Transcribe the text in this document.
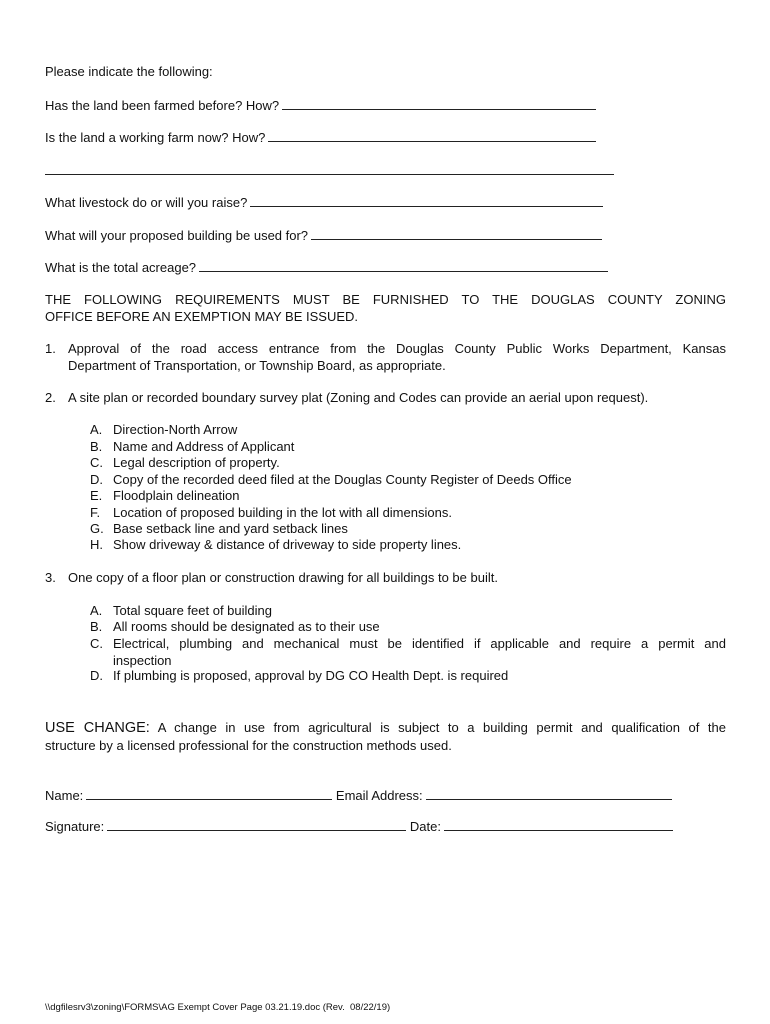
Please indicate the following:
Has the land been farmed before? How?
Is the land a working farm now? How?
What livestock do or will you raise?
What will your proposed building be used for?
What is the total acreage?
THE FOLLOWING REQUIREMENTS MUST BE FURNISHED TO THE DOUGLAS COUNTY ZONING
OFFICE BEFORE AN EXEMPTION MAY BE ISSUED.
1. Approval of the road access entrance from the Douglas County Public Works Department, Kansas
Department of Transportation, or Township Board, as appropriate.
2. A site plan or recorded boundary survey plat (Zoning and Codes can provide an aerial upon request).
A. Direction-North Arrow
B. Name and Address of Applicant
C. Legal description of property.
D. Copy of the recorded deed filed at the Douglas County Register of Deeds Office
E. Floodplain delineation
F. Location of proposed building in the lot with all dimensions.
G. Base setback line and yard setback lines
H. Show driveway & distance of driveway to side property lines.
3. One copy of a floor plan or construction drawing for all buildings to be built.
A. Total square feet of building
B. All rooms should be designated as to their use
C. Electrical, plumbing and mechanical must be identified if applicable and require a permit and
inspection
D. If plumbing is proposed, approval by DG CO Health Dept. is required
USE CHANGE: A change in use from agricultural is subject to a building permit and qualification of the
structure by a licensed professional for the construction methods used.
Name:	Email Address:
Signature:	Date:
\\dgfilesrv3\zoning\FORMS\AG Exempt Cover Page 03.21.19.doc (Rev.  08/22/19)
